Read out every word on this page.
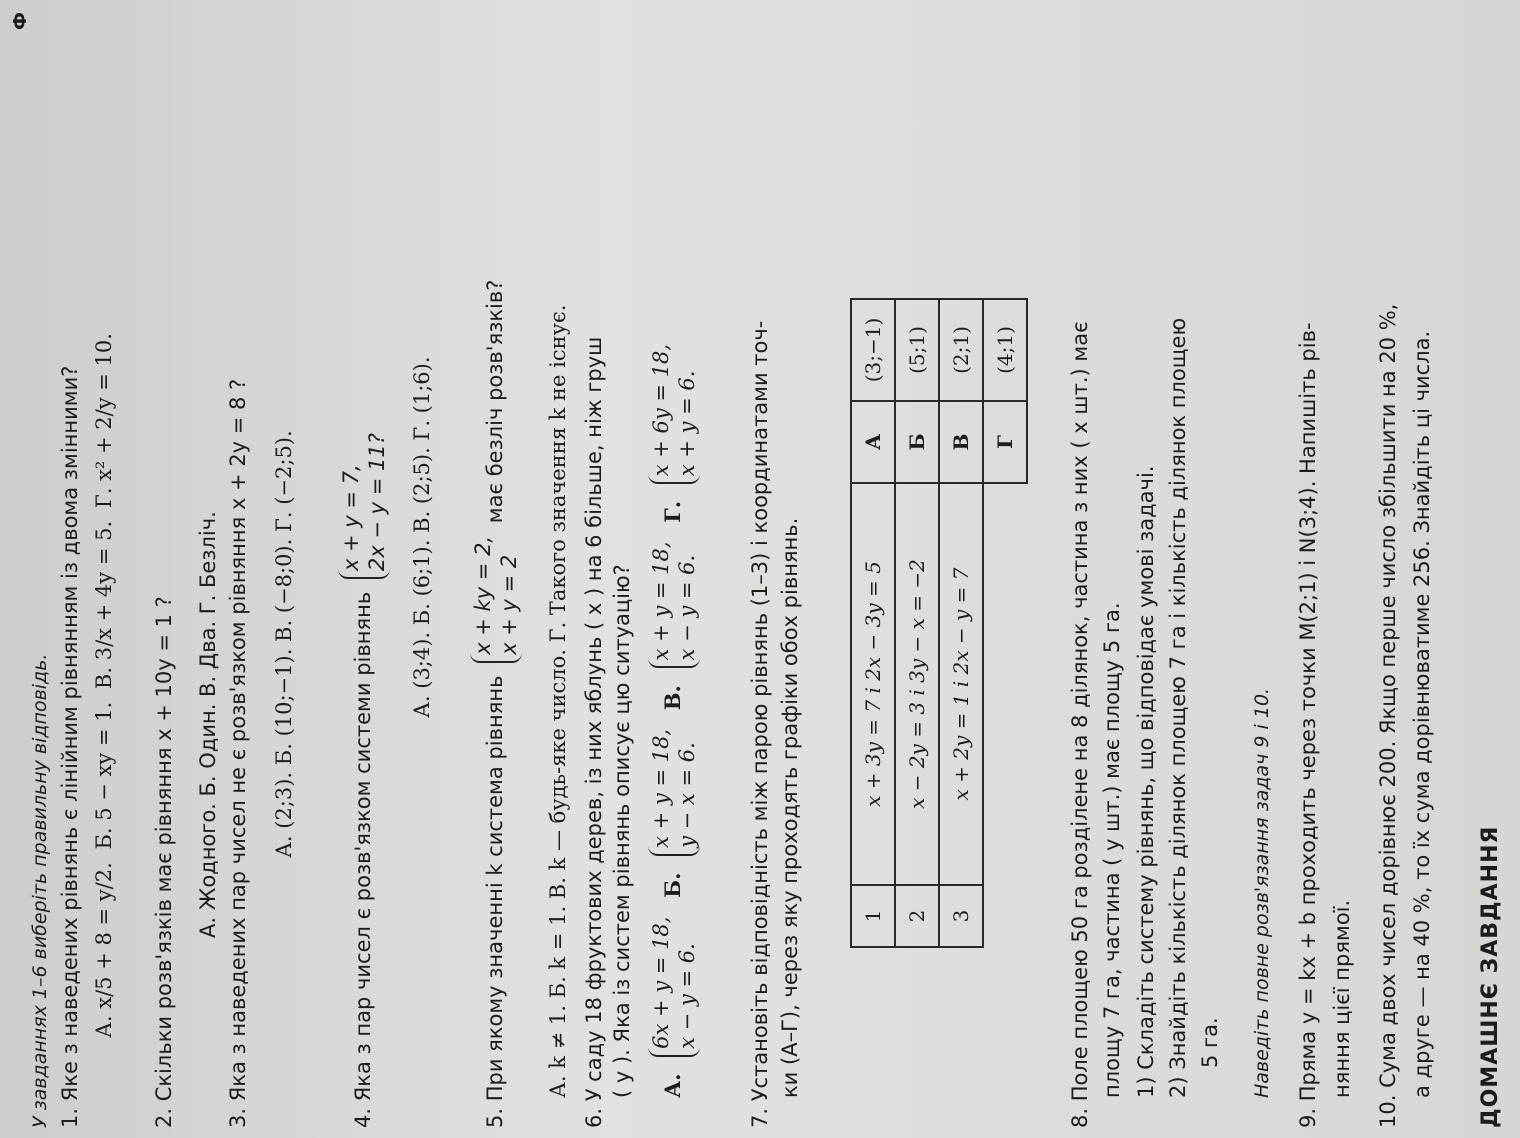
Ф
У завданнях 1–6 виберіть правильну відповідь. 1. Яке з наведених рівнянь є лінійним рівнянням із двома змінними? А. x/5 + 8 = y/2. Б. 5 − xy = 1. В. 3/x + 4y = 5. Г. x² + 2/y = 10.
2. Скільки розв'язків має рівняння x + 10y = 1 ? А. Жодного. Б. Один. В. Два. Г. Безліч. 3. Яка з наведених пар чисел не є розв'язком рівняння x + 2y = 8 ? А. (2;3). Б. (10;−1). В. (−8;0). Г. (−2;5).	4. Яка з пар чисел є розв'язком системи рівнянь
x + y = 7, 2x − y = 11? А. (3;4). Б. (6;1). В. (2;5). Г. (1;6).
5. При якому значенні k система рівнянь
x + ky = 2, x + y = 2
має безліч розв'язків?	А. k ≠ 1. Б. k = 1. В. k — будь-яке число. Г. Такого значення k не існує. 6. У саду 18 фруктових дерев, із них яблунь ( x ) на 6 більше, ніж груш ( y ). Яка із систем рівнянь описує цю ситуацію?	А.
6x + y = 18, x − y = 6.
Б.
x + y = 18, y − x = 6.
В.
x + y = 18, x − y = 6.
Г.
x + 6y = 18, x + y = 6. 7. Установіть відповідність між парою рівнянь (1–3) і координатами точ- ки (А–Г), через яку проходять графіки обох рівнянь.	1	x + 3y = 7 і 2x − 3y = 5	А	(3;−1)
2	x − 2y = 3 і 3y − x = −2	Б	(5;1)
3	x + 2y = 1 і 2x − y = 7	В	(2;1)
		Г	(4;1) 8. Поле площею 50 га розділене на 8 ділянок, частина з них ( x шт.) має площу 7 га, частина ( y шт.) має площу 5 га. 1) Складіть систему рівнянь, що відповідає умові задачі. 2) Знайдіть кількість ділянок площею 7 га і кількість ділянок площею 5 га. Наведіть повне розв'язання задач 9 і 10. 9. Пряма y = kx + b проходить через точки M(2;1) і N(3;4). Напишіть рів- няння цієї прямої. 10. Сума двох чисел дорівнює 200. Якщо перше число збільшити на 20 %, а друге — на 40 %, то їх сума дорівнюватиме 256. Знайдіть ці числа. ДОМАШНЄ ЗАВДАННЯ
